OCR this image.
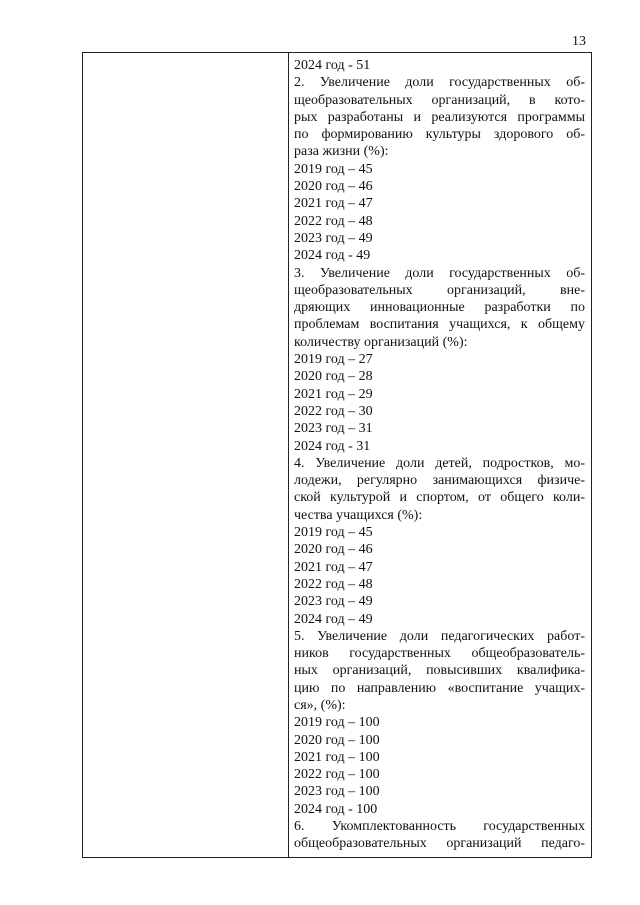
13
2024 год - 51
2. Увеличение доли государственных об-
щеобразовательных организаций, в кото-
рых разработаны и реализуются программы
по формированию культуры здорового об-
раза жизни (%):
2019 год – 45
2020 год – 46
2021 год – 47
2022 год – 48
2023 год – 49
2024 год - 49
3. Увеличение доли государственных об-
щеобразовательных организаций, вне-
дряющих инновационные разработки по
проблемам воспитания учащихся, к общему
количеству организаций (%):
2019 год – 27
2020 год – 28
2021 год – 29
2022 год – 30
2023 год – 31
2024 год - 31
4. Увеличение доли детей, подростков, мо-
лодежи, регулярно занимающихся физиче-
ской культурой и спортом, от общего коли-
чества учащихся (%):
2019 год – 45
2020 год – 46
2021 год – 47
2022 год – 48
2023 год – 49
2024 год – 49
5. Увеличение доли педагогических работ-
ников государственных общеобразователь-
ных организаций, повысивших квалифика-
цию по направлению «воспитание учащих-
ся», (%):
2019 год – 100
2020 год – 100
2021 год – 100
2022 год – 100
2023 год – 100
2024 год - 100
6. Укомплектованность государственных
общеобразовательных организаций педаго-
